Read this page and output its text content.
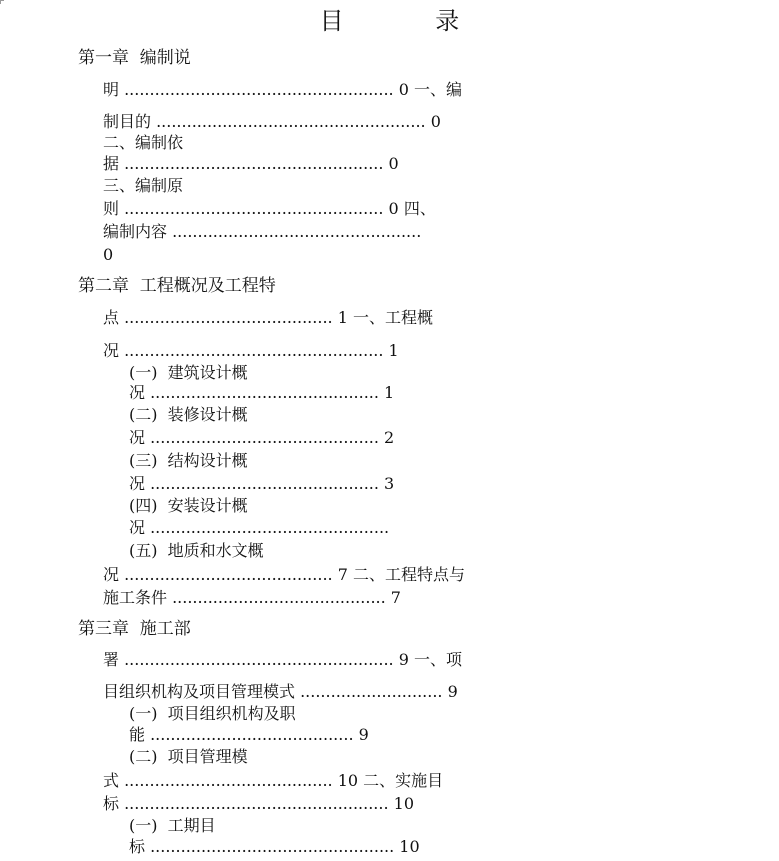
目 录
第一章  编制说
明 ..................................................... 0 一、编
制目的 ..................................................... 0
二、编制依
据 ................................................... 0
三、编制原
则 ................................................... 0 四、
编制内容 .................................................
0
第二章  工程概况及工程特
点 ......................................... 1 一、工程概
况 ................................................... 1
(一)  建筑设计概
况 ............................................. 1
(二)  装修设计概
况 ............................................. 2
(三)  结构设计概
况 ............................................. 3
(四)  安装设计概
况 ...............................................
(五)  地质和水文概
况 ......................................... 7 二、工程特点与
施工条件 .......................................... 7
第三章  施工部
署 ..................................................... 9 一、项
目组织机构及项目管理模式 ............................ 9
(一)  项目组织机构及职
能 ........................................ 9
(二)  项目管理模
式 ......................................... 10 二、实施目
标 .................................................... 10
(一)  工期目
标 ................................................ 10
